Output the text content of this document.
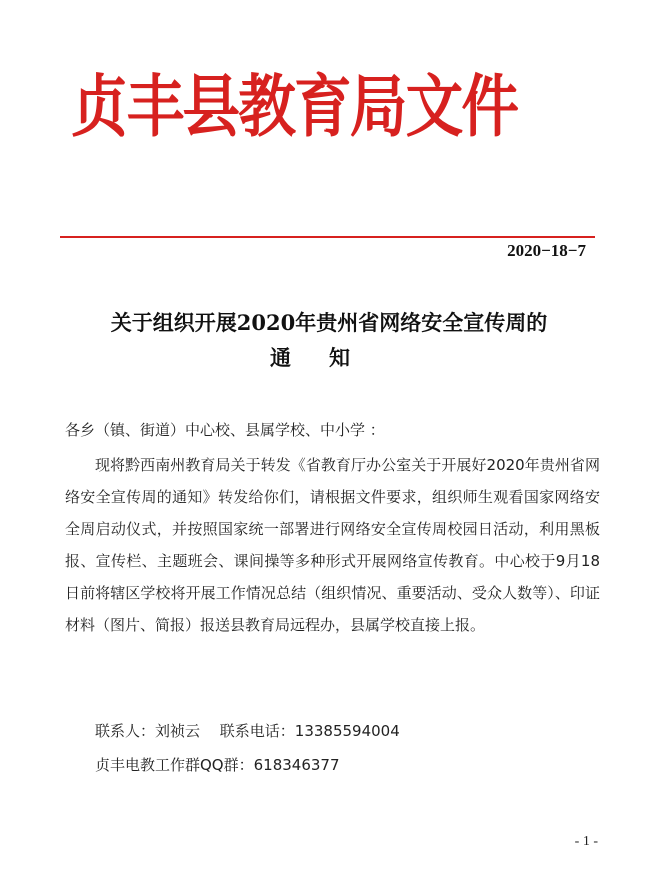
贞丰县教育局文件
2020−18−7
关于组织开展2020年贵州省网络安全宣传周的
通知
各乡（镇、街道）中心校、县属学校、中小学 ：
现将黔西南州教育局关于转发《省教育厅办公室关于开展好2020年贵州省网络安全宣传周的通知》转发给你们，请根据文件要求，组织师生观看国家网络安全周启动仪式，并按照国家统一部署进行网络安全宣传周校园日活动，利用黑板报、宣传栏、主题班会、课间操等多种形式开展网络宣传教育。中心校于9月18日前将辖区学校将开展工作情况总结（组织情况、重要活动、受众人数等）、印证材料（图片、简报）报送县教育局远程办，县属学校直接上报。
联系人：刘祯云　 联系电话：13385594004
贞丰电教工作群QQ群：618346377
- 1 -
